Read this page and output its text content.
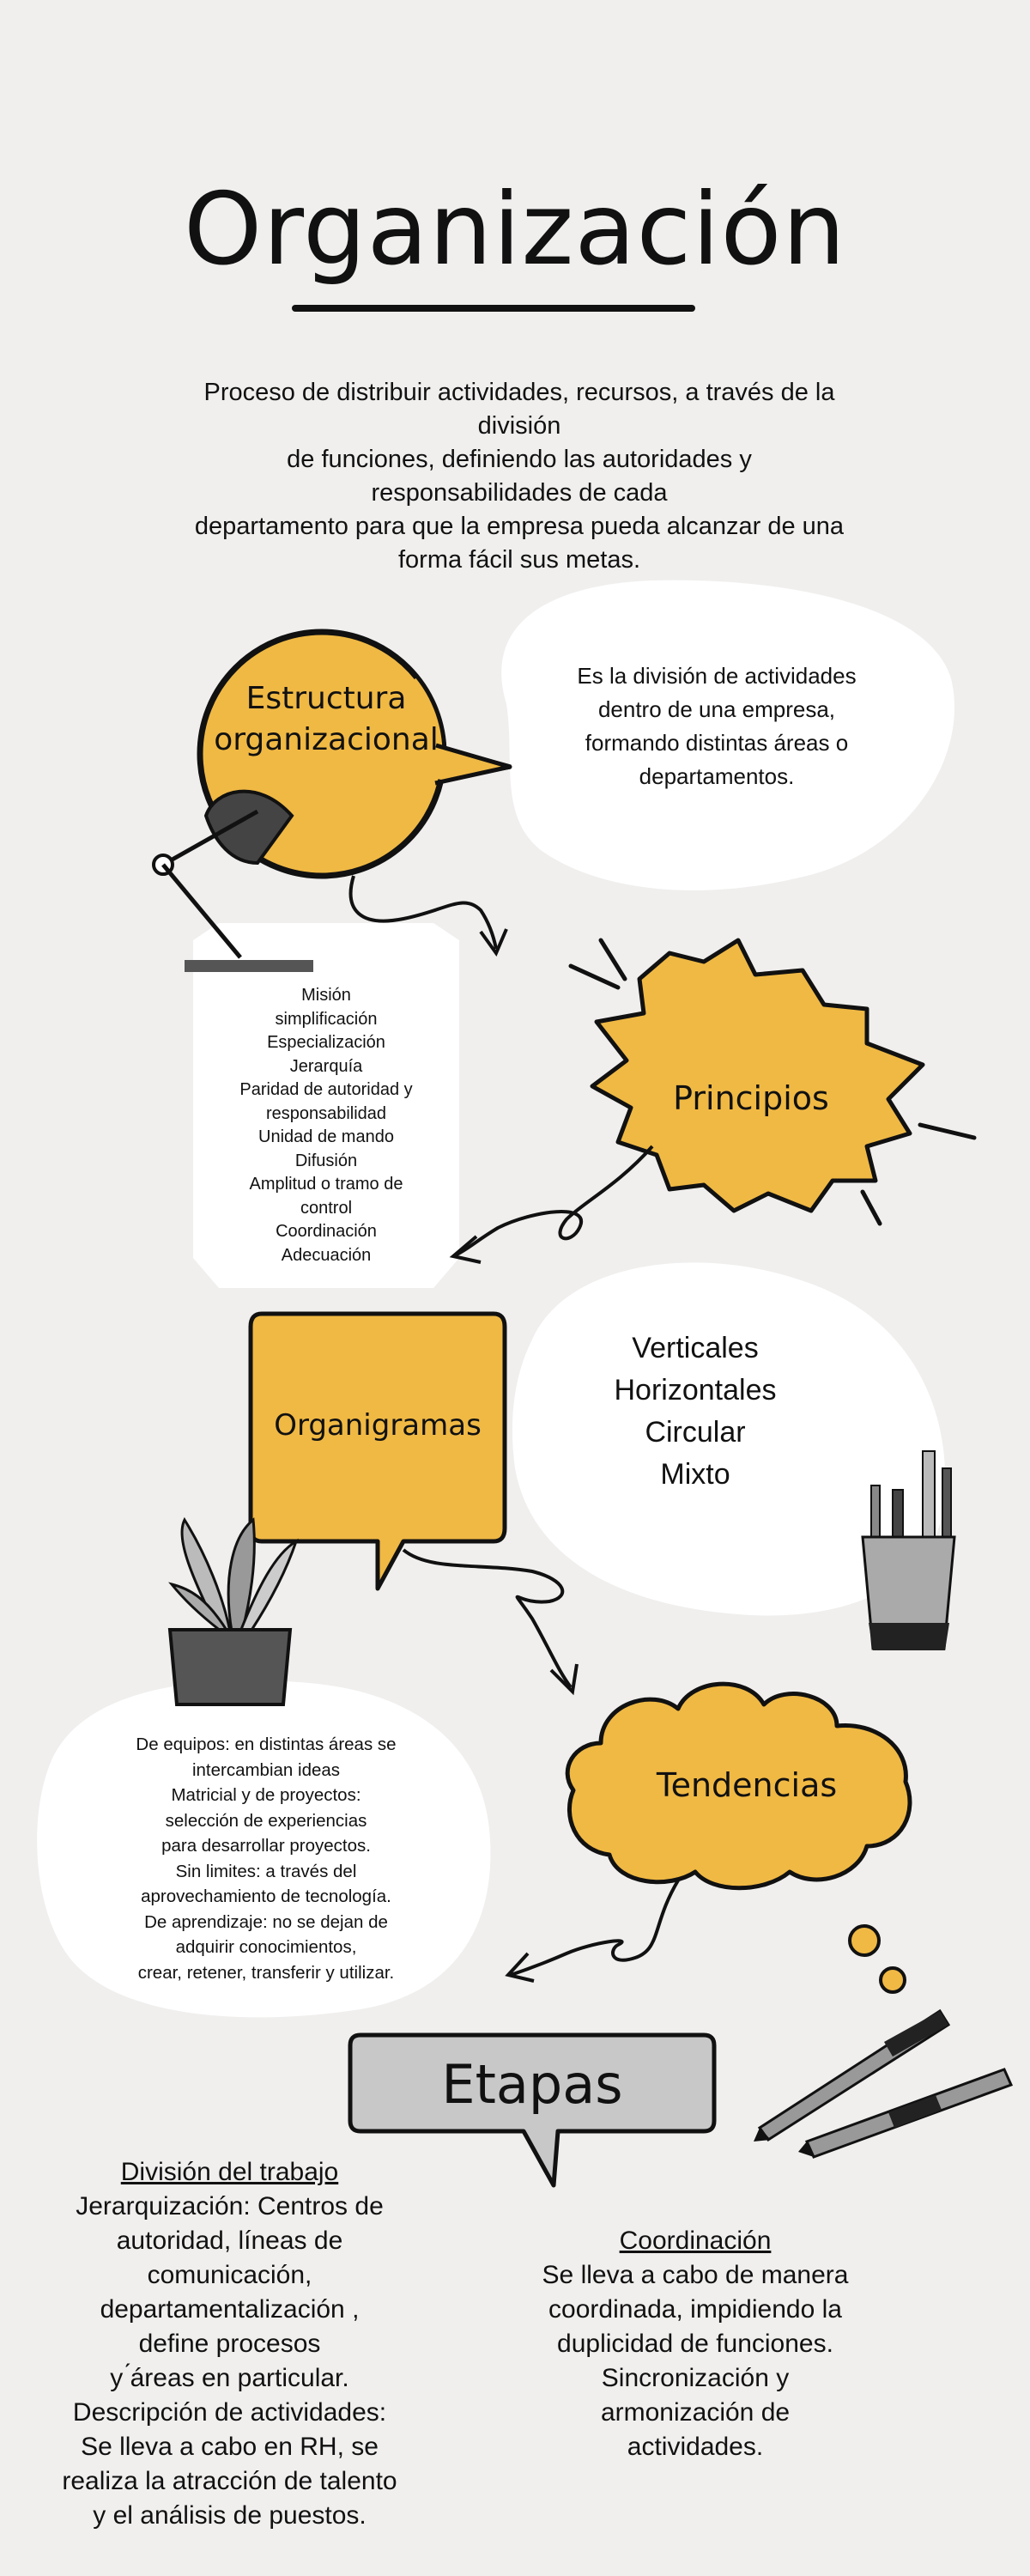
Organización
Proceso de distribuir actividades, recursos, a través de la
división
de funciones, definiendo las autoridades y
responsabilidades de cada
departamento para que la empresa pueda alcanzar de una
forma fácil sus metas.
Estructura
organizacional
Es la división de actividades
dentro de una empresa,
formando distintas áreas o
departamentos.
Principios
Misión
simplificación
Especialización
Jerarquía
Paridad de autoridad y
responsabilidad
Unidad de mando
Difusión
Amplitud o tramo de
control
Coordinación
Adecuación
Organigramas
Verticales
Horizontales
Circular
Mixto
Tendencias
De equipos: en distintas áreas se
intercambian ideas
Matricial y de proyectos:
selección de experiencias
para desarrollar proyectos.
Sin limites: a través del
aprovechamiento de tecnología.
De aprendizaje: no se dejan de
adquirir conocimientos,
crear, retener, transferir y utilizar.
Etapas
División del trabajo
Jerarquización: Centros de
autoridad, líneas de
comunicación,
departamentalización ,
define procesos
y ́áreas en particular.
Descripción de actividades:
Se lleva a cabo en RH, se
realiza la atracción de talento
y el análisis de puestos.
Coordinación
Se lleva a cabo de manera
coordinada, impidiendo la
duplicidad de funciones.
Sincronización y
armonización de
actividades.
